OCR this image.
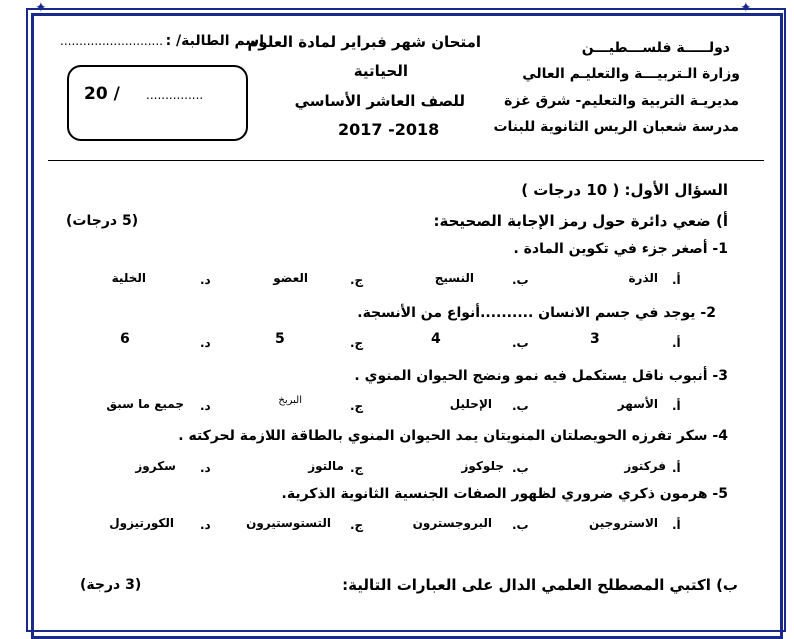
✦	✦
دولـــــة فلســـطيـــن
وزارة الـتربيـــة والتعليـم العالي
مديريـة التربية والتعليم- شرق غزة
مدرسة شعبان الريس الثانوية للبنات
امتحان شهر فبراير لمادة العلوم
الحياتية
للصف العاشر الأساسي
2017 -2018
اسم الطالبة/ :
...........................
...............
/ 20
السؤال الأول: ( 10 درجات )
أ) ضعي دائرة حول رمز الإجابة الصحيحة:
(5 درجات)
1- أصغر جزء في تكوين المادة .
أ.
الذرة
ب.
النسيج
ج.
العضو
د.
الخلية
2- يوجد في جسم الانسان ..........أنواع من الأنسجة.
أ.
3
ب.
4
ج.
5
د.
6
3- أنبوب ناقل يستكمل فيه نمو ونضج الحيوان المنوي .
أ.
الأسهر
ب.
الإحليل
ج.
البربخ
د.
جميع ما سبق
4- سكر تفرزه الحويصلتان المنويتان يمد الحيوان المنوي بالطاقة اللازمة لحركته .
أ.
فركتوز
ب.
جلوكوز
ج.
مالتوز
د.
سكروز
5- هرمون ذكري ضروري لظهور الصفات الجنسية الثانوية الذكرية.
أ.
الاستروجين
ب.
البروجسترون
ج.
التستوستيرون
د.
الكورتيزول
ب) اكتبي المصطلح العلمي الدال على العبارات التالية:
(3 درجة)
